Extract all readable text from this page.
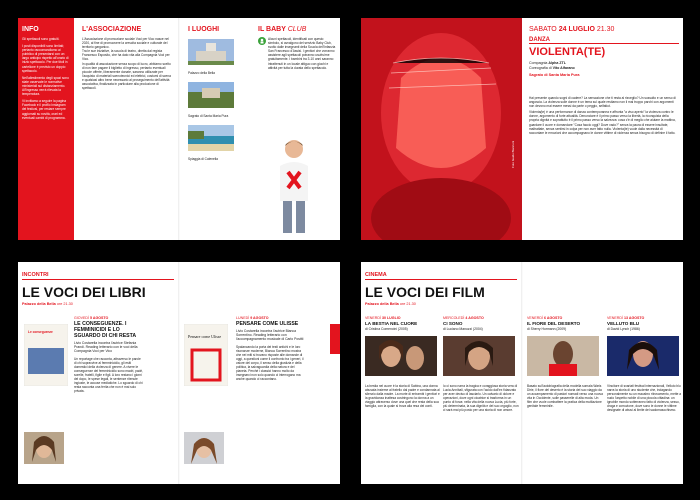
INFO

Gli spettacoli sono gratuiti.

I posti disponibili sono limitati; pertanto raccomandiamo ai pubblico di presentarsi con un largo anticipo rispetto all'orario di inizio spettacolo. Per due titoli in cartellone è previsto un doppio spettacolo.

Nell'allestimento degli spazi sono state osservate le normative ministeriali sul distanziamento. All'ingresso verrà rilevata la temperatura.

Vi invitiamo a seguire la pagina Facebook e il profilo Instagram del festival, per restare sempre aggiornati su novità, orari ed eventuali cambi di programma.

L'ASSOCIAZIONE

L'Associazione di promozione sociale Voci per Vico nasce nel 2020, al fine di promuovere la crescita sociale e culturale del territorio garganico.

Tra le sue iniziative, la scuola di teatro, diretta dal regista Francesco Esposito, che ha dato vita alla Compagnia Voci per Vico.

In qualità di associazione senza scopo di lucro, abbiamo scelto di non fare pagare il biglietto di ingresso, pertanto eventuali piccole offerte, liberamente donate, saranno utilizzate per l'acquisto di materiali scenotecnici ed elettrici, costumi di scena e qualsiasi altro bene necessario al proseguimento dell'attività associativa, finalizzata in particolare alla produzione di spettacoli.

I LUOGHI
Palazzo della Bella
Sagrato di Santa Maria Pura
Spiaggia di Calenella
IL BABY CLUB

Alcuni spettacoli, identificati con questo simbolo, si avvalgono del servizio Baby Club, svolto dalle insegnanti della Scuola dell'Infanzia San Francesco d'Assisi. I genitori che vorranno assistere agli spettacoli potranno usufruirne gratuitamente. I bambini tra 3-10 anni saranno intrattenuti in un locale attiguo con giochi e attività per tutta la durata dello spettacolo.

Foto Gaido Bianconi
SABATO 24 LUGLIO 21.30
DANZA
VIOLENTA(TE)
Compagnia Alpha ZTL
Coreografia di Vito Alfarano
Sagrato di Santa Maria Pura

Hai presente quando sogni di cadere? La sensazione che ti resta al risveglio? Un sussulto e un senso di angoscia. La violenza sulle donne è un tema sul quale restiamo non il mai troppo parchi con argomenti non devono mai essere messi da parte o peggio, selfatiut.

Violenta(te) è una performance di danza contemporanea e affronta "a viso aperto" la violenza contro le donne, argomento di forte attualità. Denunciare è il primo passo verso la libertà, la riconquista della propria dignità e soprattutto è il primo passo verso la salvezza: cosa c'è di meglio che aiutare la mattina, guardare il cuore e domandare "Cosa faccio oggi? Dove vado?" senza la paura di essere insultate, maltrattate, senza sentirsi in colpa per non aver fatto nulla. Violenta(te) vuole dalla necessità di raccontare le emozioni che accompagnano le donne vittime di violenza senza bisogno di definire il fatto.

INCONTRI
LE VOCI DEI LIBRI
Palazzo della Bella ore 21.30
Le conseguenze
GIOVEDÌ 5 AGOSTO
LE CONSEGUENZE. I FEMMINICIDI E LO SGUARDO DI CHI RESTA
Livio Costarella incontra l'autrice Stefania Prandi. Reading letterario con le voci della Compagnia Voci per Vico
Un reportage che racconta, attraverso le parole di chi sopravvive al femminicidio, gli esiti domestici della violenza di genere. A vivere le conseguenze del femminicidio sono madri, padri, sorelle, fratelli, figlie e figli. A loro restano i giorni del dopo, le spese legali, le sentenze ritenute ingiuste, le accuse mediatiche. Lo sguardo di chi resta racconta una ferita che non è mai solo privata.
Pensare come Ulisse
LUNEDÌ 9 AGOSTO
PENSARE COME ULISSE
Livio Costarella incontra l'autrice Bianca Sorrentino. Reading letterario con l'accompagnamento musicale di Carlo Postiti
Spalancando la porta dei testi antichi e le loro risonanze moderne, Bianca Sorrentino mostra che nei miti si trovano risposte alle domande di oggi, a questioni come il confronto tra i generi, il valore del corpo, il senso della giustizia e della politica, la salvaguardia della natura e del pianeta. Perché i classici hanno molto da insegnarci non solo quando ci interrogano ma anche quando ci raccontano.
CINEMA
LE VOCI DEI FILM
Palazzo della Bella ore 21.30
VENERDÌ 30 LUGLIO
LA BESTIA NEL CUORE
di Cristina Comencini (2005)
La bestia nel cuore è la storia di Sabina, una donna abusata insieme al fratello dal padre e condannata al silenzio dalla madre. La morte di entrambi i genitori e la gravidanza inattesa costringono la donna a un viaggio attraverso dove una quel che resta della sua famiglia, con la quale si trova alla resa dei conti.
MERCOLEDÌ 4 AGOSTO
CI SONO
di Luciano Manuzzi (2004)
Io ci sono narra la tragica e coraggiosa storia vera di Lucia Annibali, sfigurata con l'acido dall'ex fidanzato per aver deciso di lasciarlo. Un calvario di dolore e operazioni, dove ogni cicatrice si trasforma in un punto di forza: nella vita della nuova Lucia, più forte, più determinata, la sua dignità e del suo orgoglio, non ci sarà mai più posto per una storia di non amore.
VENERDÌ 6 AGOSTO
IL FIORE DEL DESERTO
di Sherry Hormann (2009)
Basato sull'autobiografia della modella somala Waris Dirie, il fiore del deserto è la storia del suo viaggio da un accampamento di pastori nomadi verso una nuova vita in Occidente, sulle passerelle di alta moda. Un film che vuole combattere la pratica della mutilazione genitale femminile.
VENERDÌ 13 AGOSTO
VELLUTO BLU
di David Lynch (1986)
Vincitore di svariati festival internazionali, Velluto blu narra la storia di uno studente che, indagando personalmente su un macabro ritrovamento, mette a nudo l'aspetto nobile di una piccola cittadina: un ignobile mondo sotterraneo fatto di violenza, sesso, droga e corruzione, dove sono le donne le vittime designate di abusi al limite del sadomasochismo.
